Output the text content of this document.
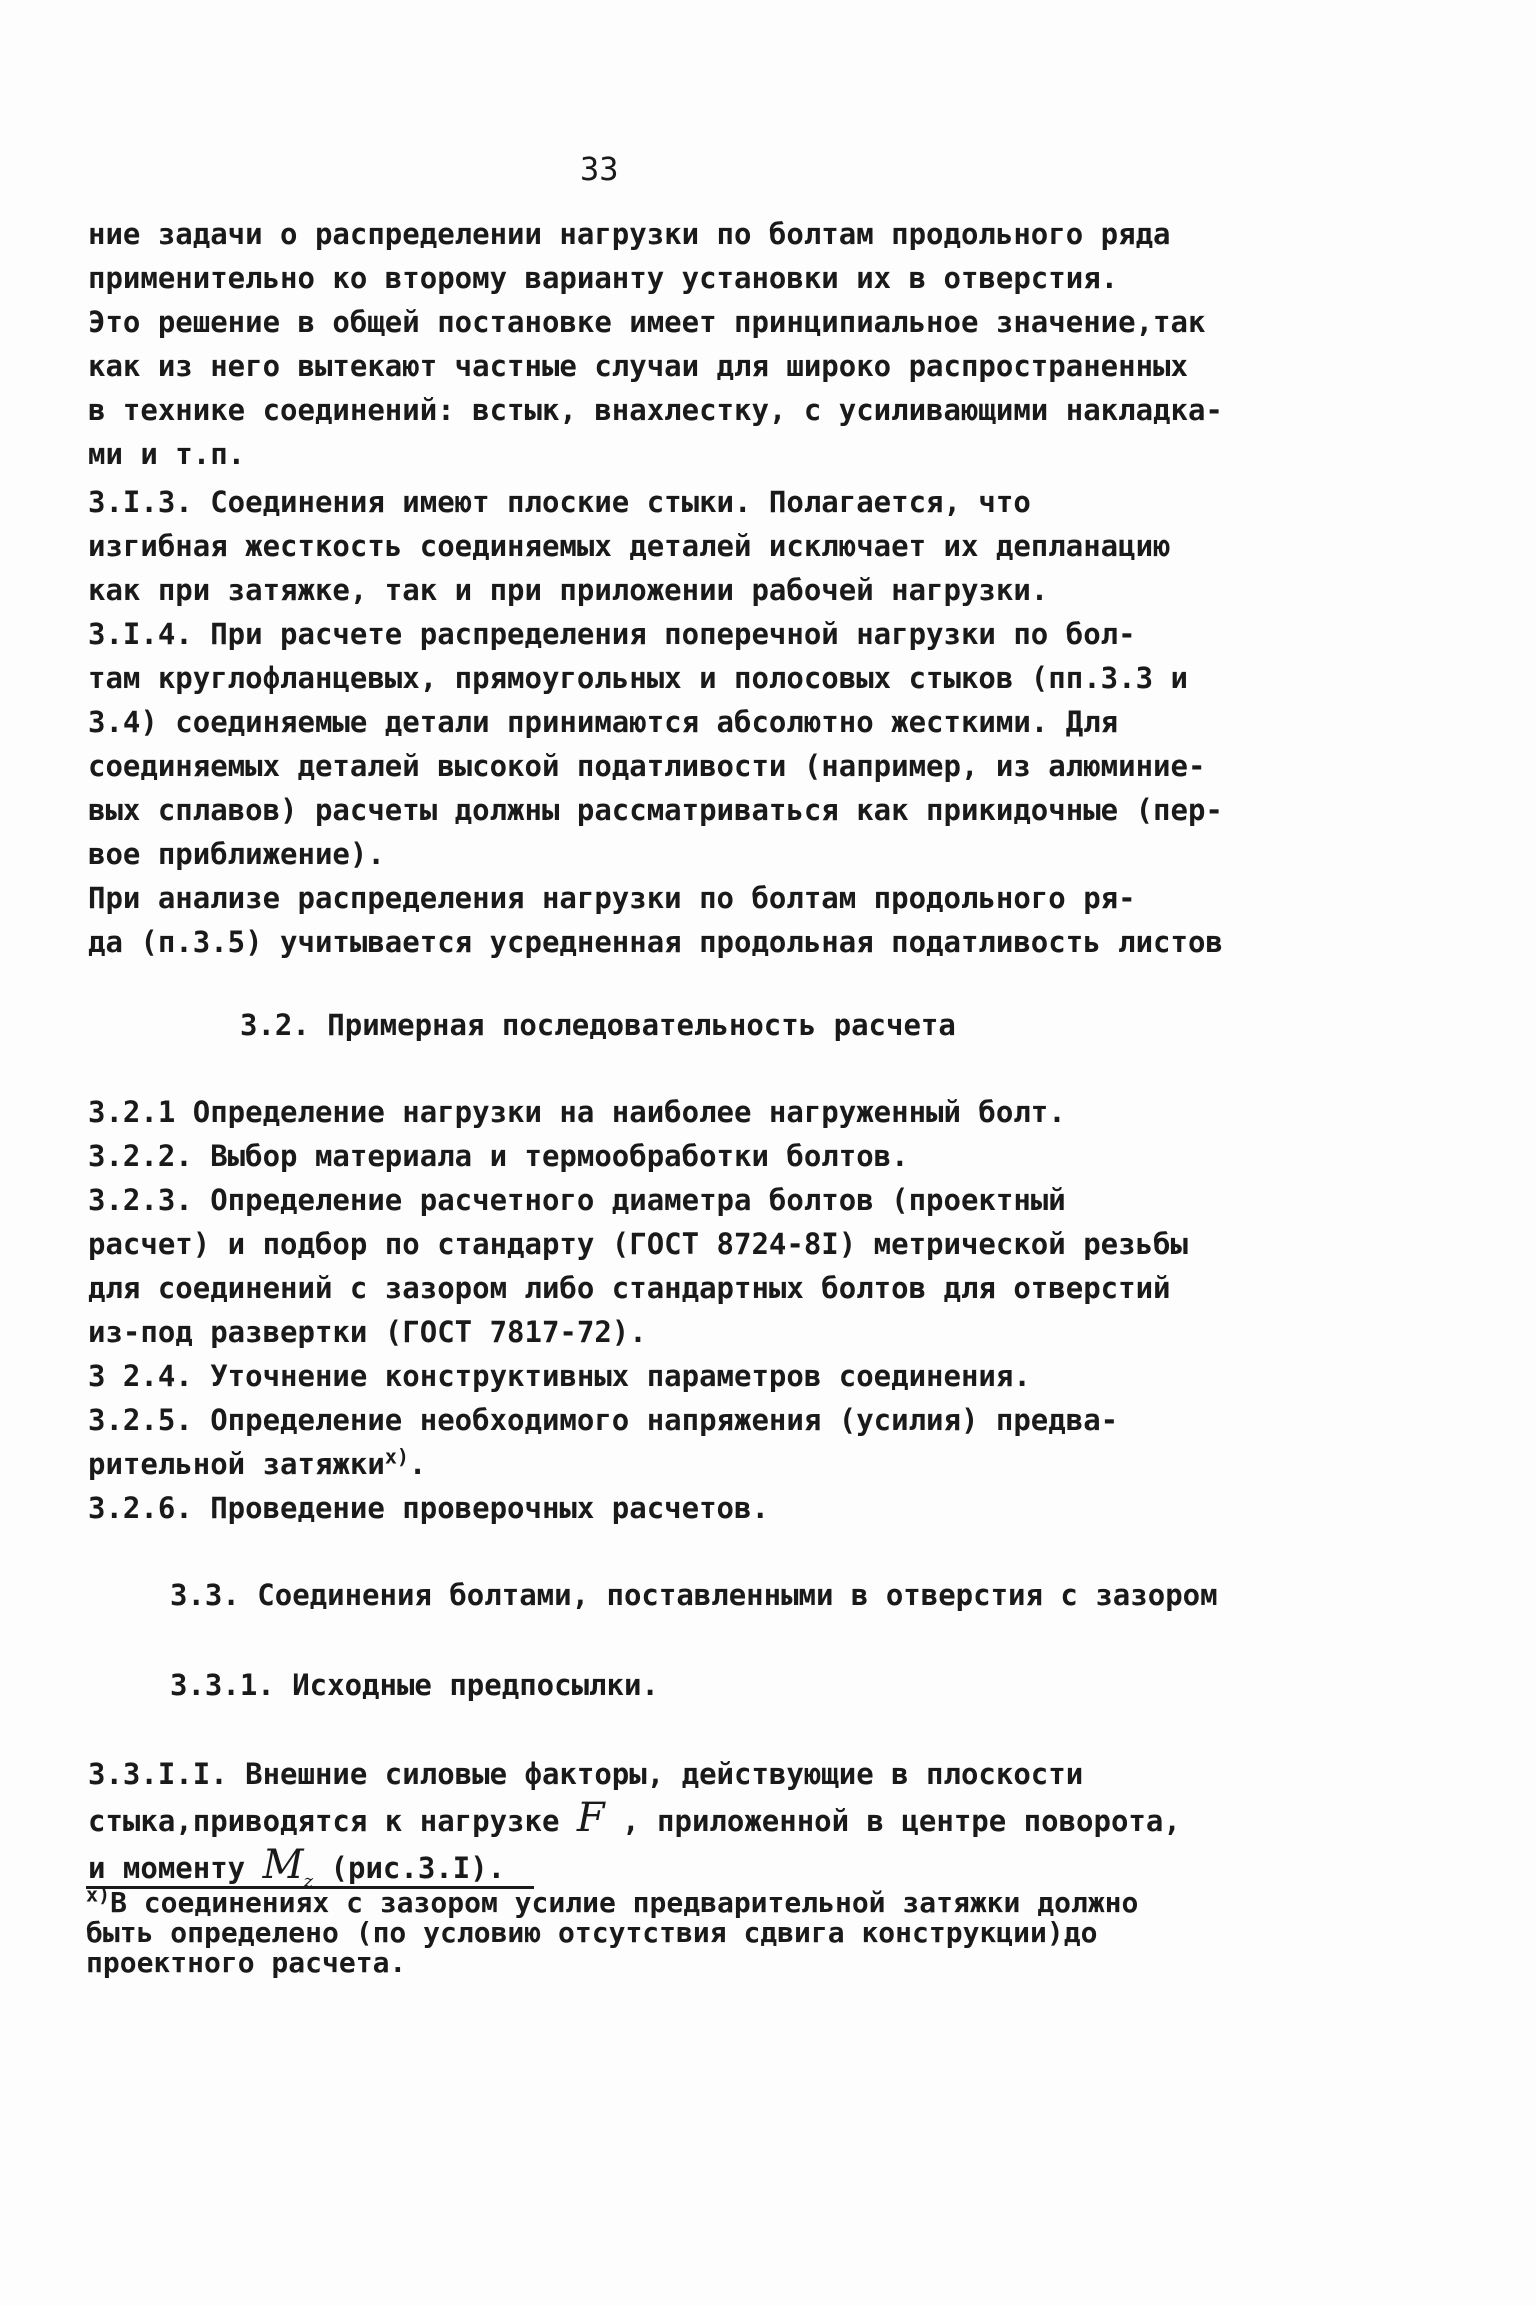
33
ние задачи о распределении нагрузки по болтам продольного ряда
применительно ко второму варианту установки их в отверстия.
Это решение в общей постановке имеет принципиальное значение,так
как из него вытекают частные случаи для широко распространенных
в технике соединений: встык, внахлестку, с усиливающими накладка-
ми и т.п.
3.I.3. Соединения имеют плоские стыки. Полагается, что
изгибная жесткость соединяемых деталей исключает их депланацию
как при затяжке, так и при приложении рабочей нагрузки.
3.I.4. При расчете распределения поперечной нагрузки по бол-
там круглофланцевых, прямоугольных и полосовых стыков (пп.3.3 и
3.4) соединяемые детали принимаются абсолютно жесткими. Для
соединяемых деталей высокой податливости (например, из алюминие-
вых сплавов) расчеты должны рассматриваться как прикидочные (пер-
вое приближение).
При анализе распределения нагрузки по болтам продольного ря-
да (п.3.5) учитывается усредненная продольная податливость листов
3.2. Примерная последовательность расчета
3.2.1 Определение нагрузки на наиболее нагруженный болт.
3.2.2. Выбор материала и термообработки болтов.
3.2.3. Определение расчетного диаметра болтов (проектный
расчет) и подбор по стандарту (ГОСТ 8724-8I) метрической резьбы
для соединений с зазором либо стандартных болтов для отверстий
из-под развертки (ГОСТ 7817-72).
3 2.4. Уточнение конструктивных параметров соединения.
3.2.5. Определение необходимого напряжения (усилия) предва-
рительной затяжки$^{х)}$.
3.2.6. Проведение проверочных расчетов.
3.3. Соединения болтами, поставленными в отверстия с зазором
3.3.1. Исходные предпосылки.
3.3.I.I. Внешние силовые факторы, действующие в плоскости
стыка,приводятся к нагрузке F , приложенной в центре поворота,
и моменту $M_z$ (рис.3.I).
$^{х)}$В соединениях с зазором усилие предварительной затяжки должно
быть определено (по условию отсутствия сдвига конструкции)до
проектного расчета.
